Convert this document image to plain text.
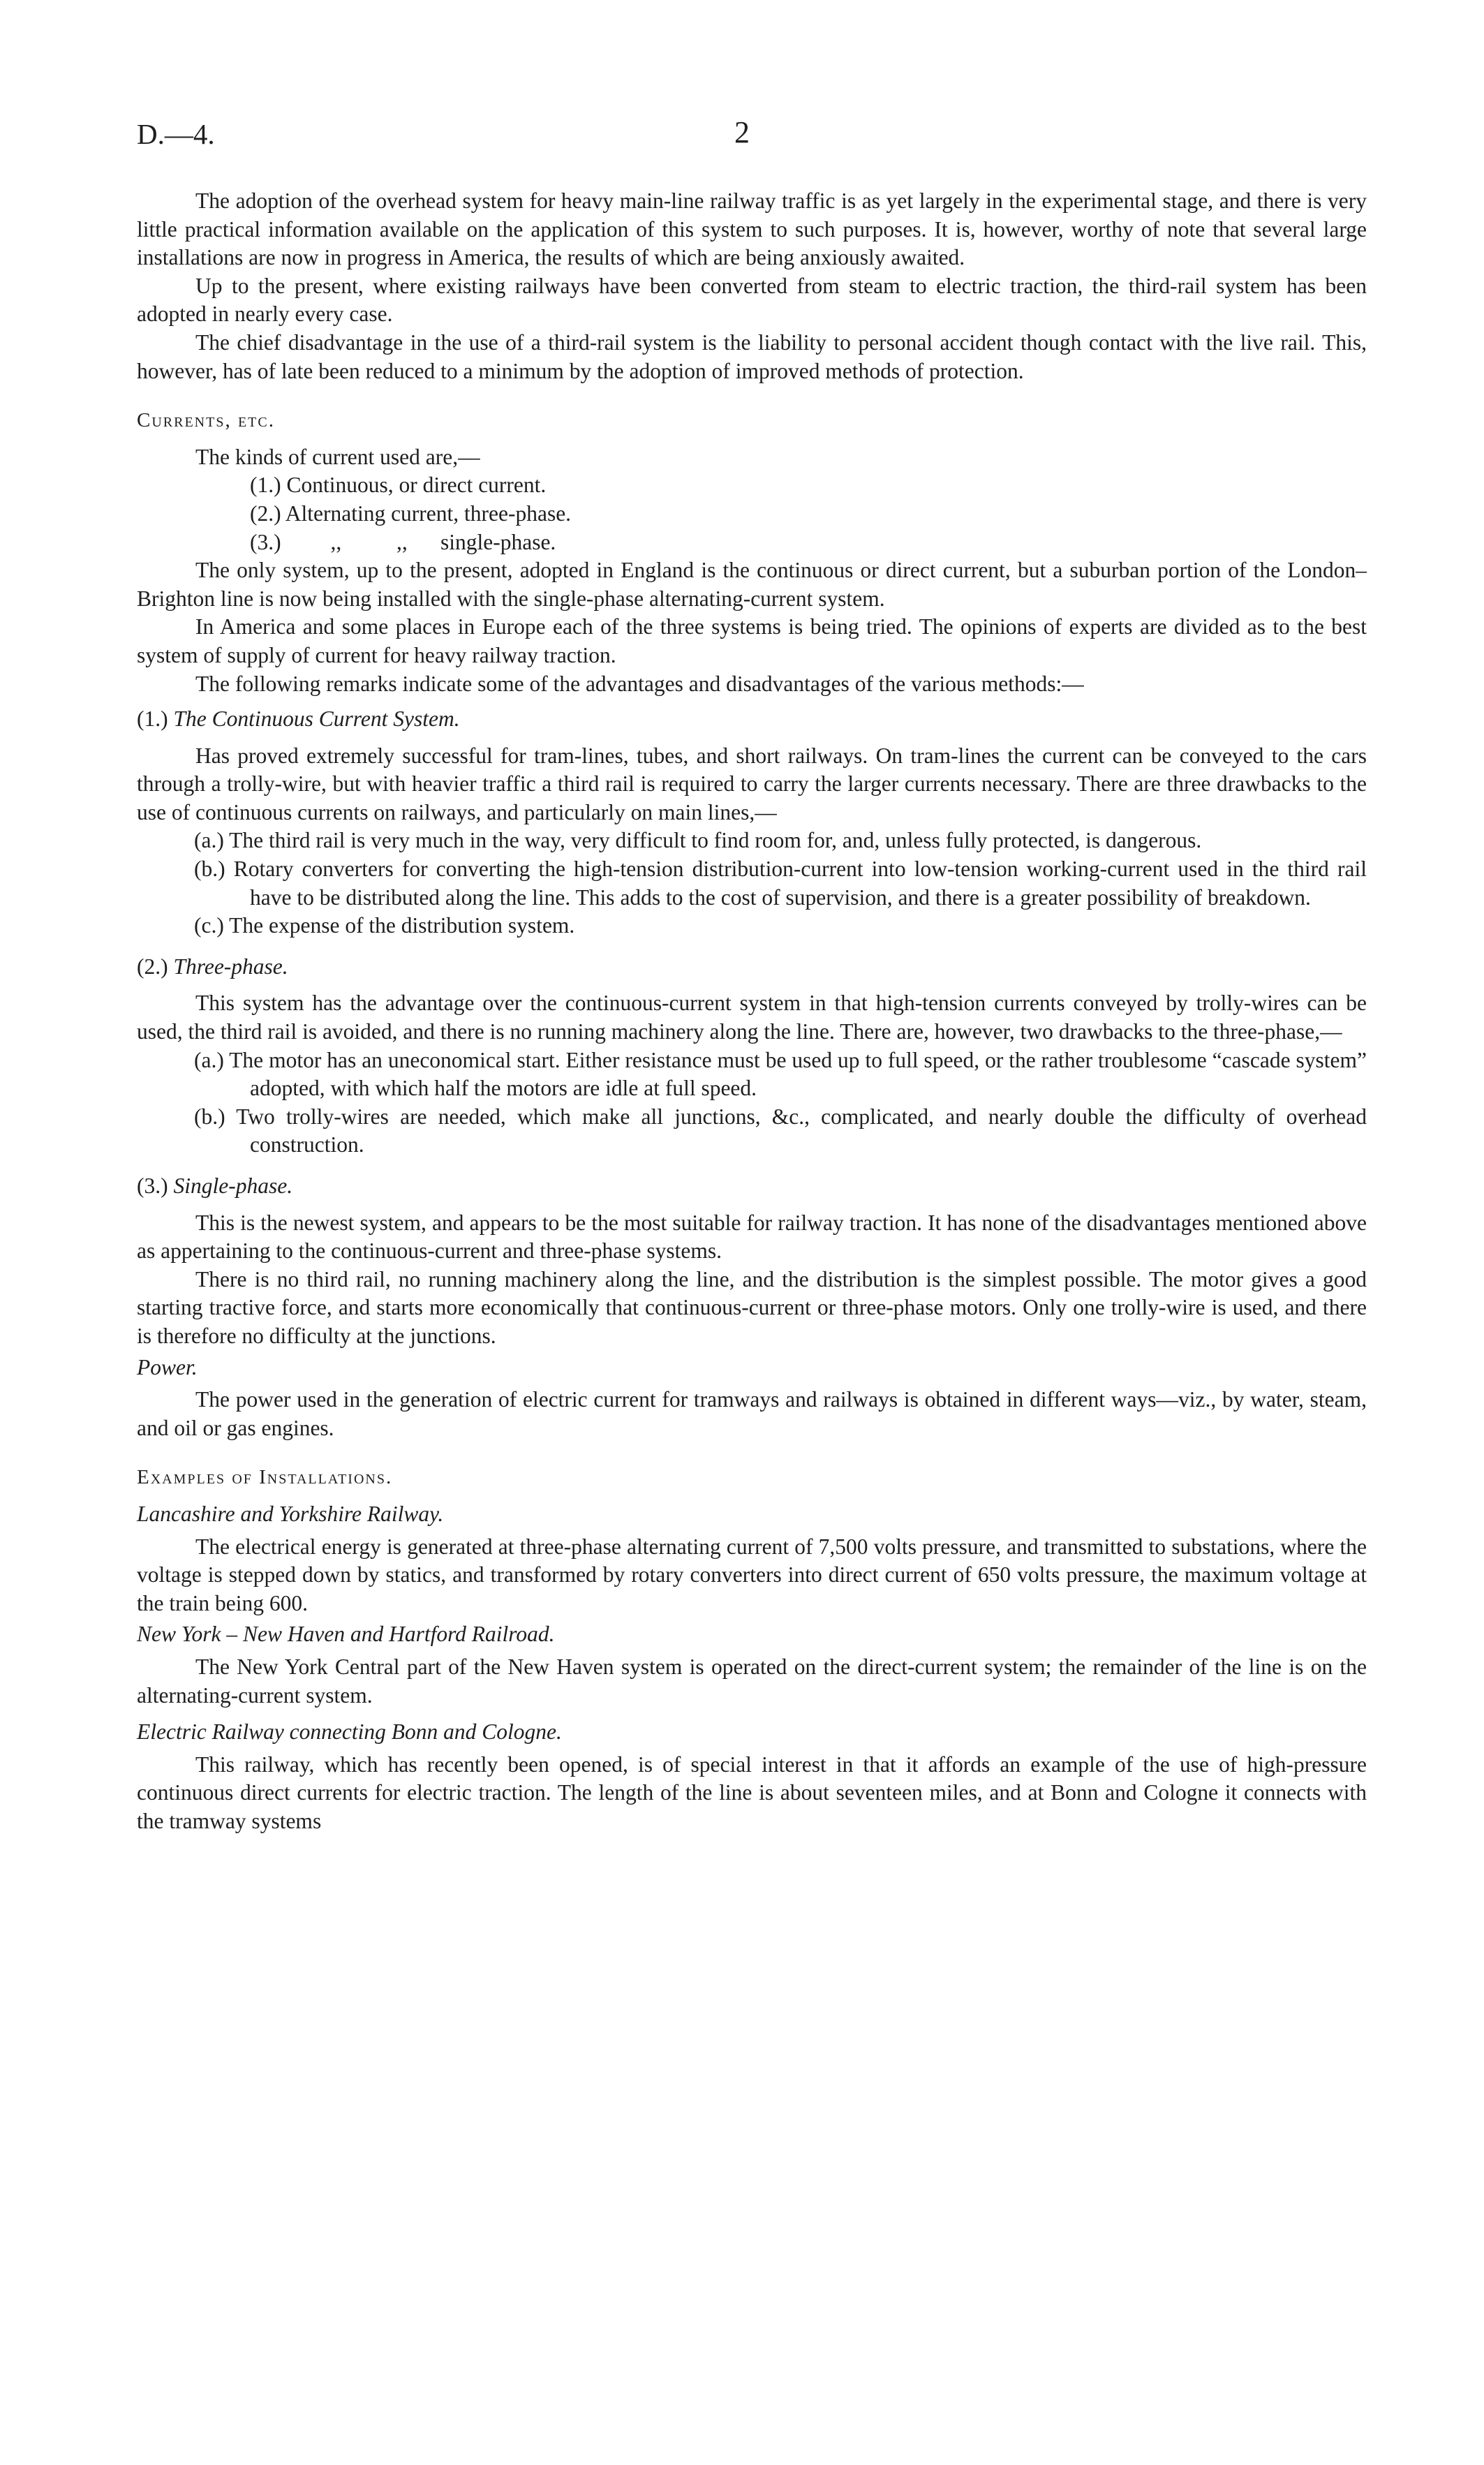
D.—4.	2

The adoption of the overhead system for heavy main-line railway traffic is as yet largely in the experimental stage, and there is very little practical information available on the application of this system to such purposes. It is, however, worthy of note that several large installations are now in progress in America, the results of which are being anxiously awaited.

Up to the present, where existing railways have been converted from steam to electric traction, the third-rail system has been adopted in nearly every case.

The chief disadvantage in the use of a third-rail system is the liability to personal accident though contact with the live rail. This, however, has of late been reduced to a minimum by the adoption of improved methods of protection.

Currents, etc.

The kinds of current used are,—

(1.) Continuous, or direct current.

(2.) Alternating current, three-phase.

(3.)         ,,          ,,      single-phase.

The only system, up to the present, adopted in England is the continuous or direct current, but a suburban portion of the London–Brighton line is now being installed with the single-phase alternating-current system.

In America and some places in Europe each of the three systems is being tried. The opinions of experts are divided as to the best system of supply of current for heavy railway traction.

The following remarks indicate some of the advantages and disadvantages of the various methods:—

(1.) The Continuous Current System.

Has proved extremely successful for tram-lines, tubes, and short railways. On tram-lines the current can be conveyed to the cars through a trolly-wire, but with heavier traffic a third rail is required to carry the larger currents necessary. There are three drawbacks to the use of continuous currents on railways, and particularly on main lines,—

(a.) The third rail is very much in the way, very difficult to find room for, and, unless fully protected, is dangerous.

(b.) Rotary converters for converting the high-tension distribution-current into low-tension working-current used in the third rail have to be distributed along the line. This adds to the cost of supervision, and there is a greater possibility of breakdown.

(c.) The expense of the distribution system.

(2.) Three-phase.

This system has the advantage over the continuous-current system in that high-tension currents conveyed by trolly-wires can be used, the third rail is avoided, and there is no running machinery along the line. There are, however, two drawbacks to the three-phase,—

(a.) The motor has an uneconomical start. Either resistance must be used up to full speed, or the rather troublesome “cascade system” adopted, with which half the motors are idle at full speed.

(b.) Two trolly-wires are needed, which make all junctions, &c., complicated, and nearly double the difficulty of overhead construction.

(3.) Single-phase.

This is the newest system, and appears to be the most suitable for railway traction. It has none of the disadvantages mentioned above as appertaining to the continuous-current and three-phase systems.

There is no third rail, no running machinery along the line, and the distribution is the simplest possible. The motor gives a good starting tractive force, and starts more economically that continuous-current or three-phase motors. Only one trolly-wire is used, and there is therefore no difficulty at the junctions.

Power.

The power used in the generation of electric current for tramways and railways is obtained in different ways—viz., by water, steam, and oil or gas engines.

Examples of Installations.

Lancashire and Yorkshire Railway.

The electrical energy is generated at three-phase alternating current of 7,500 volts pressure, and transmitted to substations, where the voltage is stepped down by statics, and transformed by rotary converters into direct current of 650 volts pressure, the maximum voltage at the train being 600.

New York – New Haven and Hartford Railroad.

The New York Central part of the New Haven system is operated on the direct-current system; the remainder of the line is on the alternating-current system.

Electric Railway connecting Bonn and Cologne.

This railway, which has recently been opened, is of special interest in that it affords an example of the use of high-pressure continuous direct currents for electric traction. The length of the line is about seventeen miles, and at Bonn and Cologne it connects with the tramway systems
